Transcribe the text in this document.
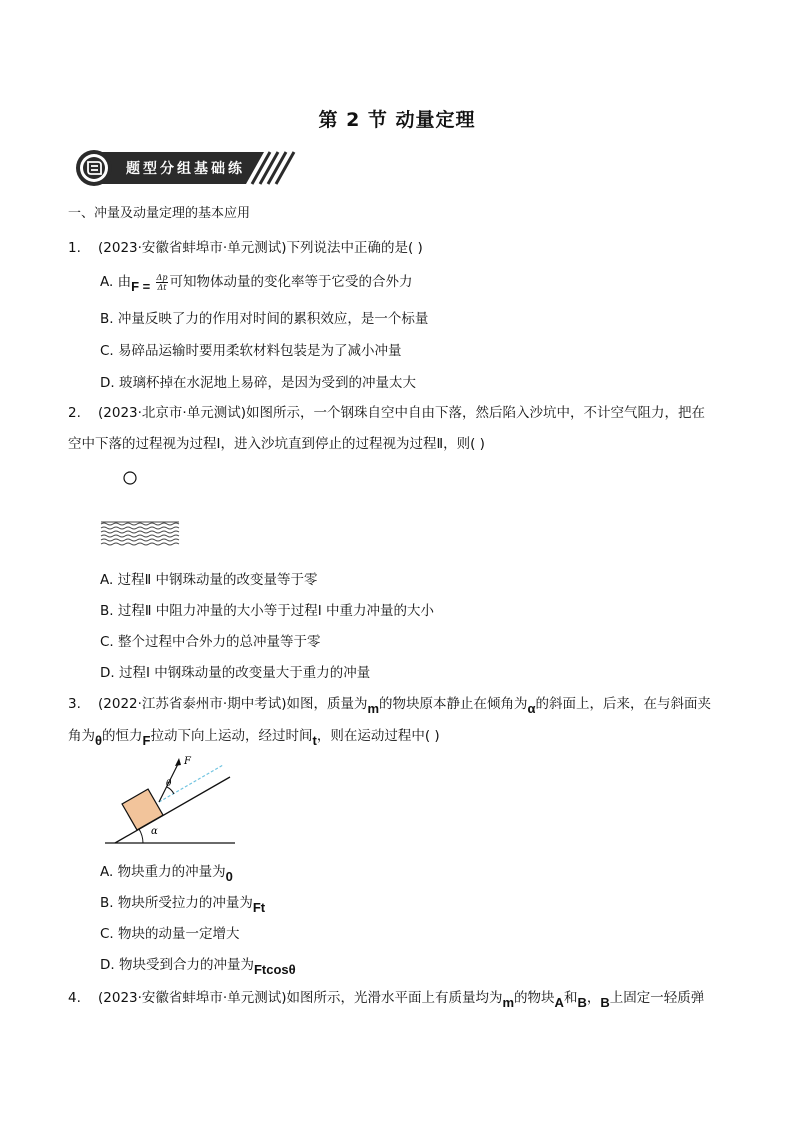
第 2 节 动量定理
题型分组基础练
一、冲量及动量定理的基本应用
1. (2023·安徽省蚌埠市·单元测试)下列说法中正确的是( )
A. 由$F = \frac{\Delta p}{\Delta t}$ 可知物体动量的变化率等于它受的合外力
B. 冲量反映了力的作用对时间的累积效应，是一个标量
C. 易碎品运输时要用柔软材料包装是为了减小冲量
D. 玻璃杯掉在水泥地上易碎，是因为受到的冲量太大
2. (2023·北京市·单元测试)如图所示，一个钢珠自空中自由下落，然后陷入沙坑中，不计空气阻力，把在
空中下落的过程视为过程Ⅰ，进入沙坑直到停止的过程视为过程Ⅱ，则( )
A. 过程Ⅱ 中钢珠动量的改变量等于零
B. 过程Ⅱ 中阻力冲量的大小等于过程Ⅰ 中重力冲量的大小
C. 整个过程中合外力的总冲量等于零
D. 过程Ⅰ 中钢珠动量的改变量大于重力的冲量
3. (2022·江苏省泰州市·期中考试)如图，质量为m的物块原本静止在倾角为α的斜面上，后来，在与斜面夹
角为θ的恒力F拉动下向上运动，经过时间t，则在运动过程中( )
α
F
θ
A. 物块重力的冲量为0
B. 物块所受拉力的冲量为Ft
C. 物块的动量一定增大
D. 物块受到合力的冲量为Ftcosθ
4. (2023·安徽省蚌埠市·单元测试)如图所示，光滑水平面上有质量均为m的物块A和B，B上固定一轻质弹
